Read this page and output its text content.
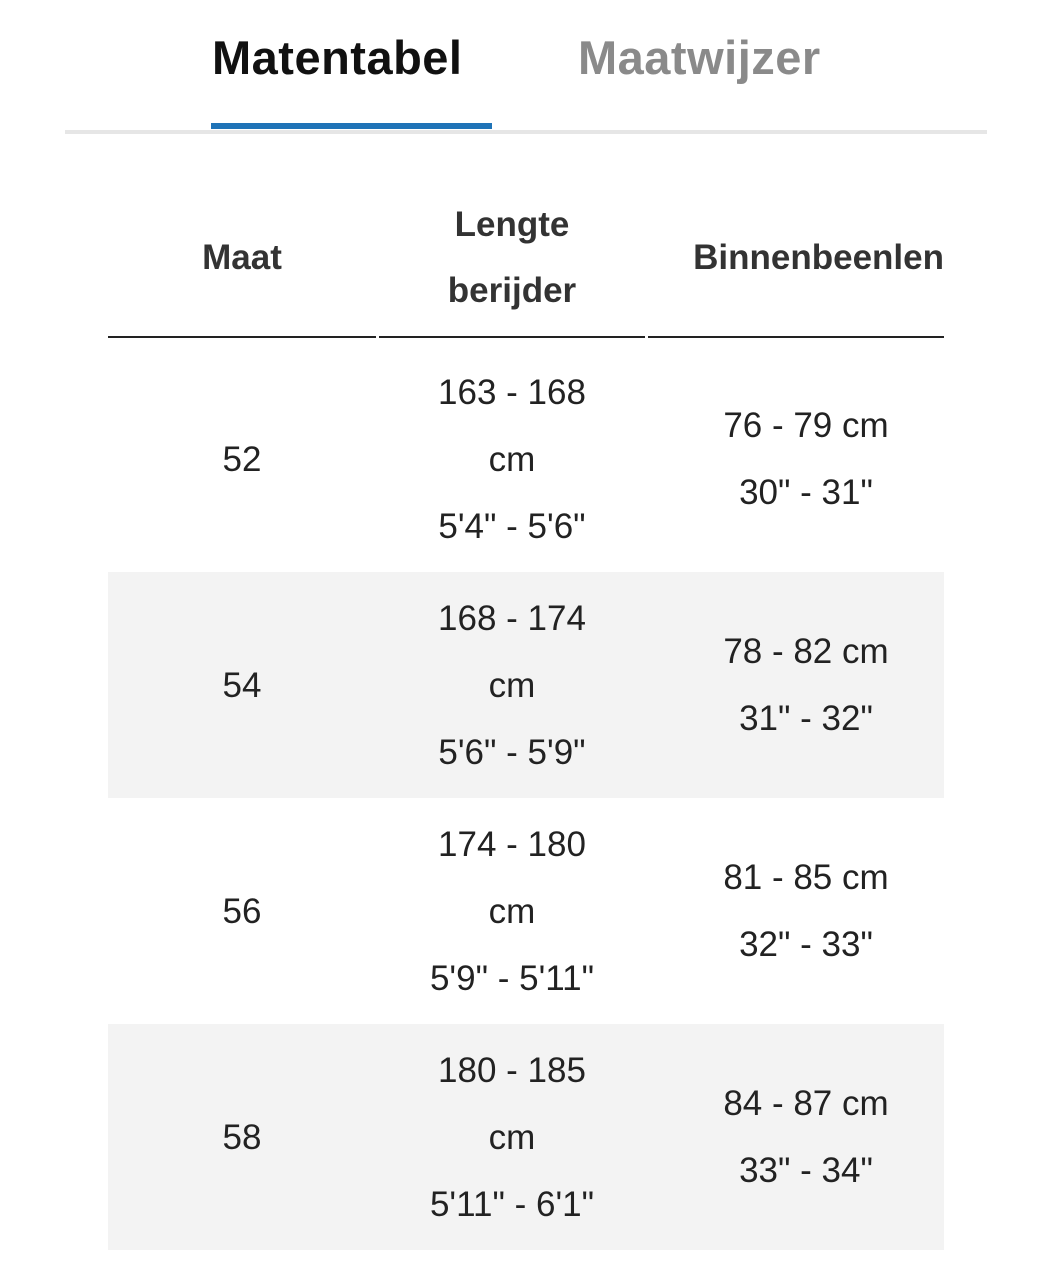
Matentabel Maatwijzer
Maat
Lengte
berijder
Binnenbeenlen
52
163 - 168
cm
5'4" - 5'6"
76 - 79 cm
30" - 31"
54
168 - 174
cm
5'6" - 5'9"
78 - 82 cm
31" - 32"
56
174 - 180
cm
5'9" - 5'11"
81 - 85 cm
32" - 33"
58
180 - 185
cm
5'11" - 6'1"
84 - 87 cm
33" - 34"
